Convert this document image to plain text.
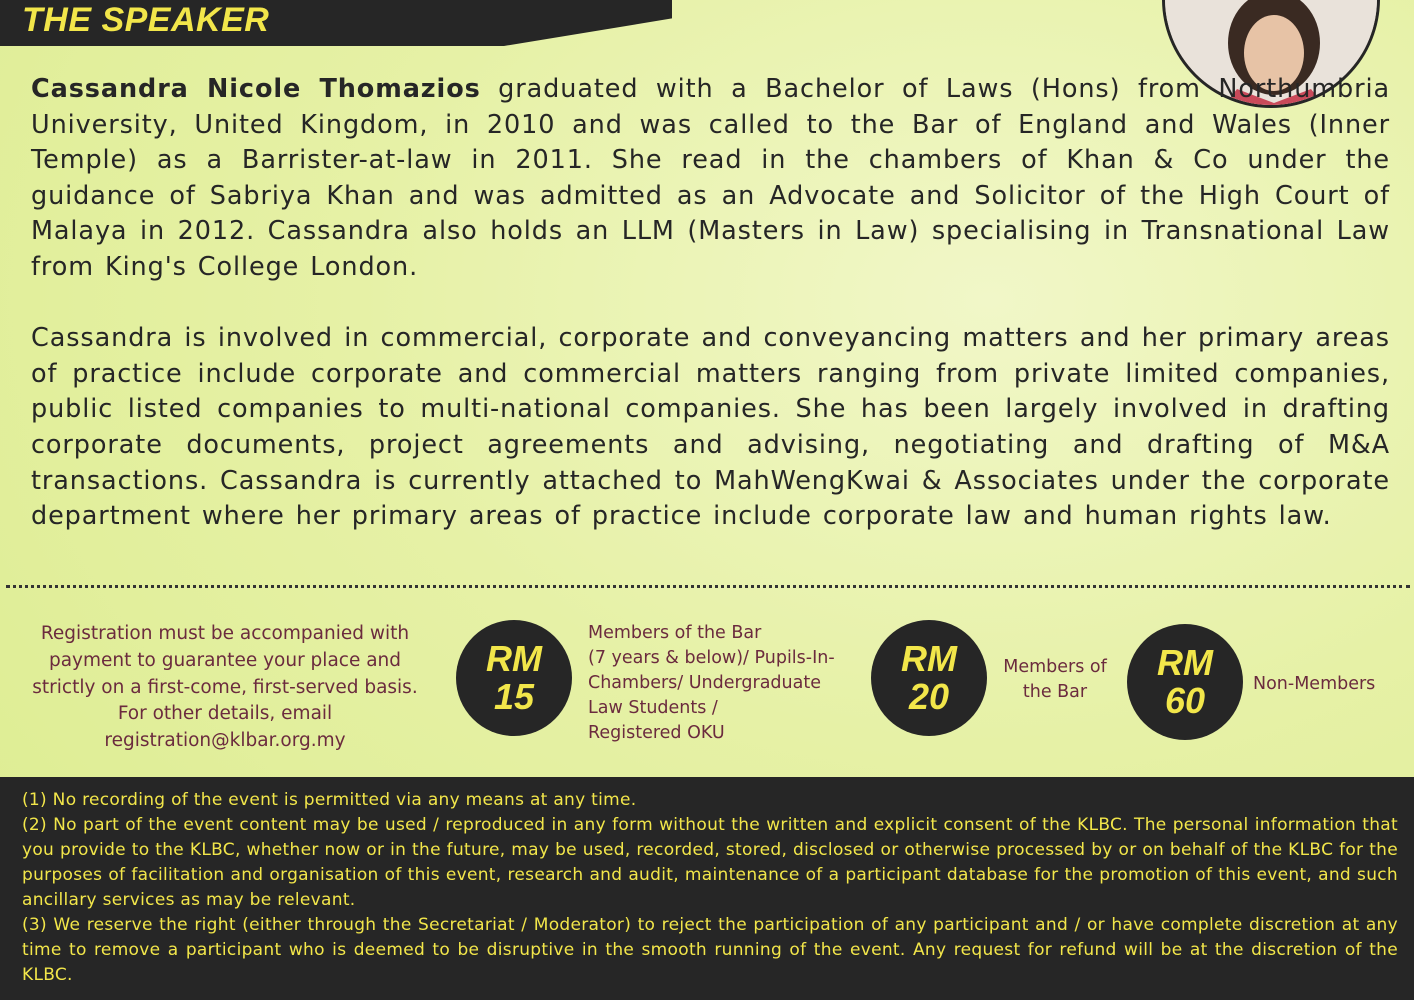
THE SPEAKER

Cassandra Nicole Thomazios graduated with a Bachelor of Laws (Hons) from Northumbria University, United Kingdom, in 2010 and was called to the Bar of England and Wales (Inner Temple) as a Barrister-at-law in 2011. She read in the chambers of Khan & Co under the guidance of Sabriya Khan and was admitted as an Advocate and Solicitor of the High Court of Malaya in 2012. Cassandra also holds an LLM (Masters in Law) specialising in Transnational Law from King's College London.

Cassandra is involved in commercial, corporate and conveyancing matters and her primary areas of practice include corporate and commercial matters ranging from private limited companies, public listed companies to multi-national companies. She has been largely involved in drafting corporate documents, project agreements and advising, negotiating and drafting of M&A transactions. Cassandra is currently attached to MahWengKwai & Associates under the corporate department where her primary areas of practice include corporate law and human rights law.

Registration must be accompanied with
payment to guarantee your place and
strictly on a first-come, first-served basis.
For other details, email
registration@klbar.org.my
RM
15
Members of the Bar
(7 years & below)/ Pupils-In-
Chambers/ Undergraduate
Law Students /
Registered OKU
RM
20
Members of
the Bar
RM
60	Non-Members

(1) No recording of the event is permitted via any means at any time.

(2) No part of the event content may be used / reproduced in any form without the written and explicit consent of the KLBC. The personal information that you provide to the KLBC, whether now or in the future, may be used, recorded, stored, disclosed or otherwise processed by or on behalf of the KLBC for the purposes of facilitation and organisation of this event, research and audit, maintenance of a participant database for the promotion of this event, and such ancillary services as may be relevant.

(3) We reserve the right (either through the Secretariat / Moderator) to reject the participation of any participant and / or have complete discretion at any time to remove a participant who is deemed to be disruptive in the smooth running of the event. Any request for refund will be at the discretion of the KLBC.
